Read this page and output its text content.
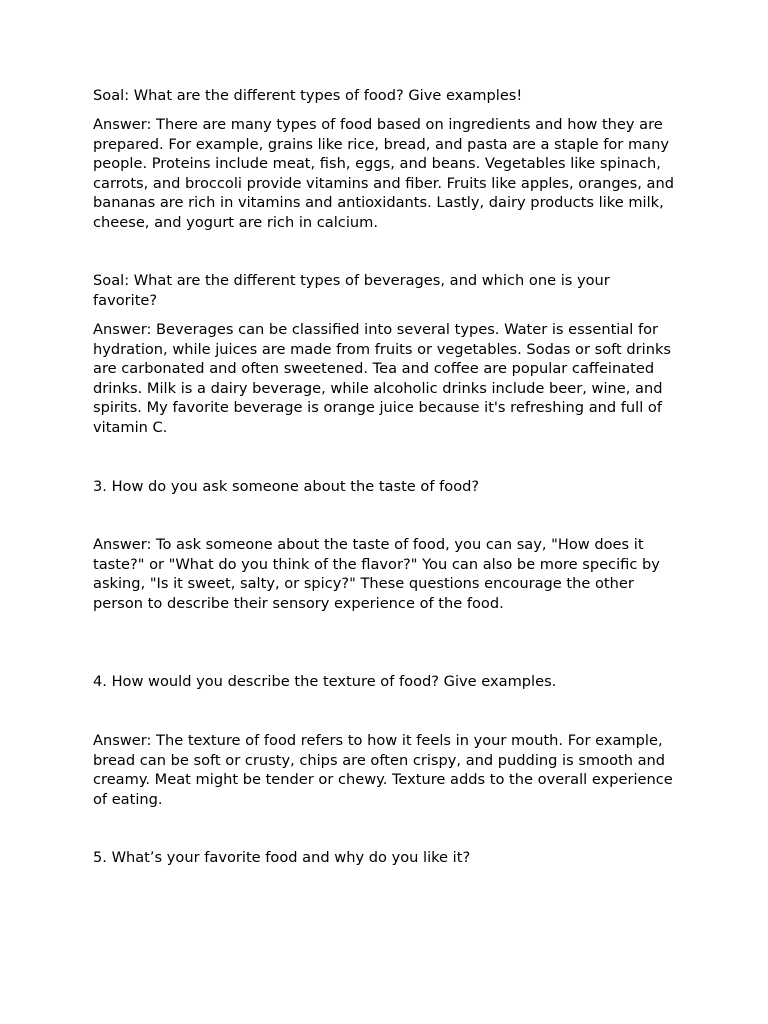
Soal: What are the different types of food? Give examples!

Answer: There are many types of food based on ingredients and how they are prepared. For example, grains like rice, bread, and pasta are a staple for many people. Proteins include meat, fish, eggs, and beans. Vegetables like spinach, carrots, and broccoli provide vitamins and fiber. Fruits like apples, oranges, and bananas are rich in vitamins and antioxidants. Lastly, dairy products like milk, cheese, and yogurt are rich in calcium.

Soal: What are the different types of beverages, and which one is your favorite?

Answer: Beverages can be classified into several types. Water is essential for hydration, while juices are made from fruits or vegetables. Sodas or soft drinks are carbonated and often sweetened. Tea and coffee are popular caffeinated drinks. Milk is a dairy beverage, while alcoholic drinks include beer, wine, and spirits. My favorite beverage is orange juice because it's refreshing and full of vitamin C.

3. How do you ask someone about the taste of food?

Answer: To ask someone about the taste of food, you can say, "How does it taste?" or "What do you think of the flavor?" You can also be more specific by asking, "Is it sweet, salty, or spicy?" These questions encourage the other person to describe their sensory experience of the food.

4. How would you describe the texture of food? Give examples.

Answer: The texture of food refers to how it feels in your mouth. For example, bread can be soft or crusty, chips are often crispy, and pudding is smooth and creamy. Meat might be tender or chewy. Texture adds to the overall experience of eating.

5. What’s your favorite food and why do you like it?
